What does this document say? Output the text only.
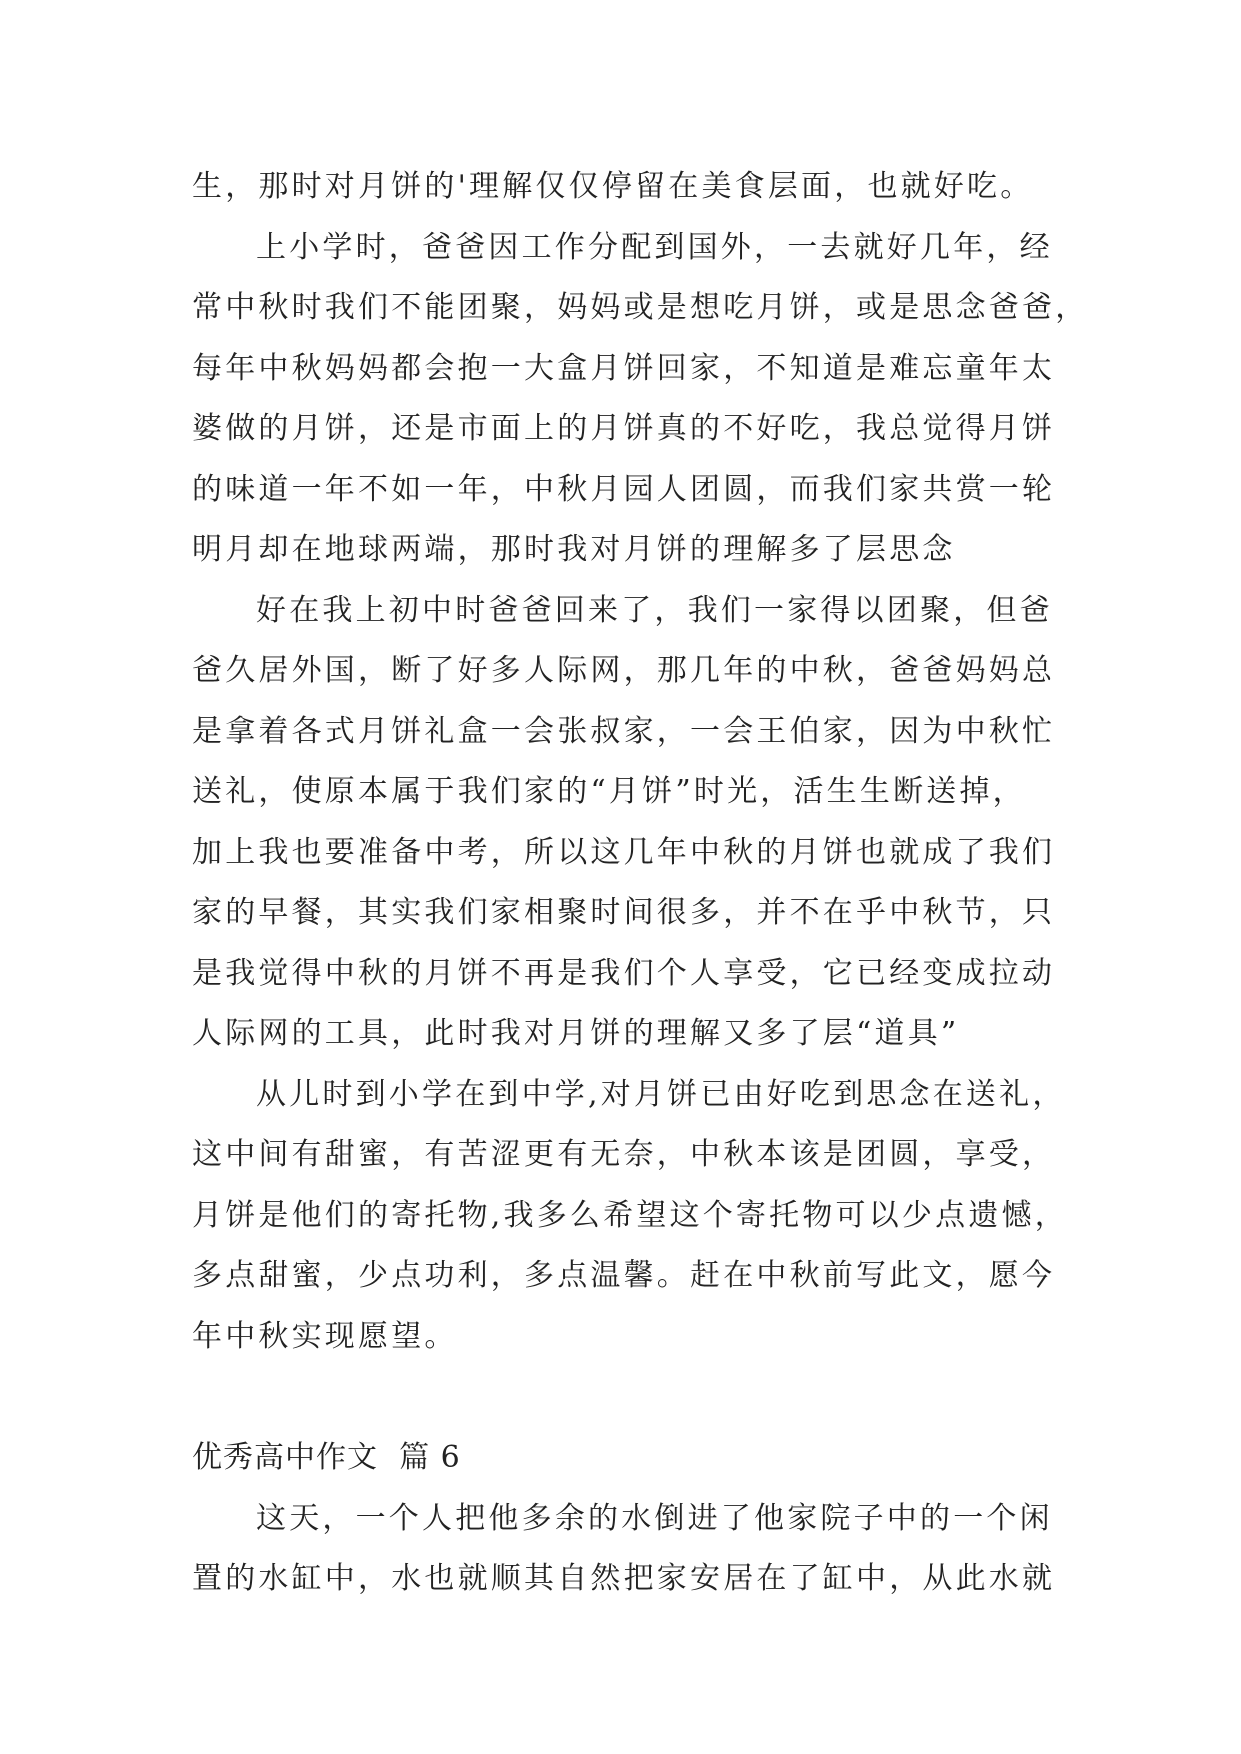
生，那时对月饼的'理解仅仅停留在美食层面，也就好吃。
上小学时，爸爸因工作分配到国外，一去就好几年，经
常中秋时我们不能团聚，妈妈或是想吃月饼，或是思念爸爸，
每年中秋妈妈都会抱一大盒月饼回家，不知道是难忘童年太
婆做的月饼，还是市面上的月饼真的不好吃，我总觉得月饼
的味道一年不如一年，中秋月园人团圆，而我们家共赏一轮
明月却在地球两端，那时我对月饼的理解多了层思念
好在我上初中时爸爸回来了，我们一家得以团聚，但爸
爸久居外国，断了好多人际网，那几年的中秋，爸爸妈妈总
是拿着各式月饼礼盒一会张叔家，一会王伯家，因为中秋忙
送礼，使原本属于我们家的“月饼”时光，活生生断送掉，
加上我也要准备中考，所以这几年中秋的月饼也就成了我们
家的早餐，其实我们家相聚时间很多，并不在乎中秋节，只
是我觉得中秋的月饼不再是我们个人享受，它已经变成拉动
人际网的工具，此时我对月饼的理解又多了层“道具”
从儿时到小学在到中学,对月饼已由好吃到思念在送礼，
这中间有甜蜜，有苦涩更有无奈，中秋本该是团圆，享受，
月饼是他们的寄托物,我多么希望这个寄托物可以少点遗憾，
多点甜蜜，少点功利，多点温馨。赶在中秋前写此文，愿今
年中秋实现愿望。
优秀高中作文  篇 6
这天，一个人把他多余的水倒进了他家院子中的一个闲
置的水缸中，水也就顺其自然把家安居在了缸中，从此水就
